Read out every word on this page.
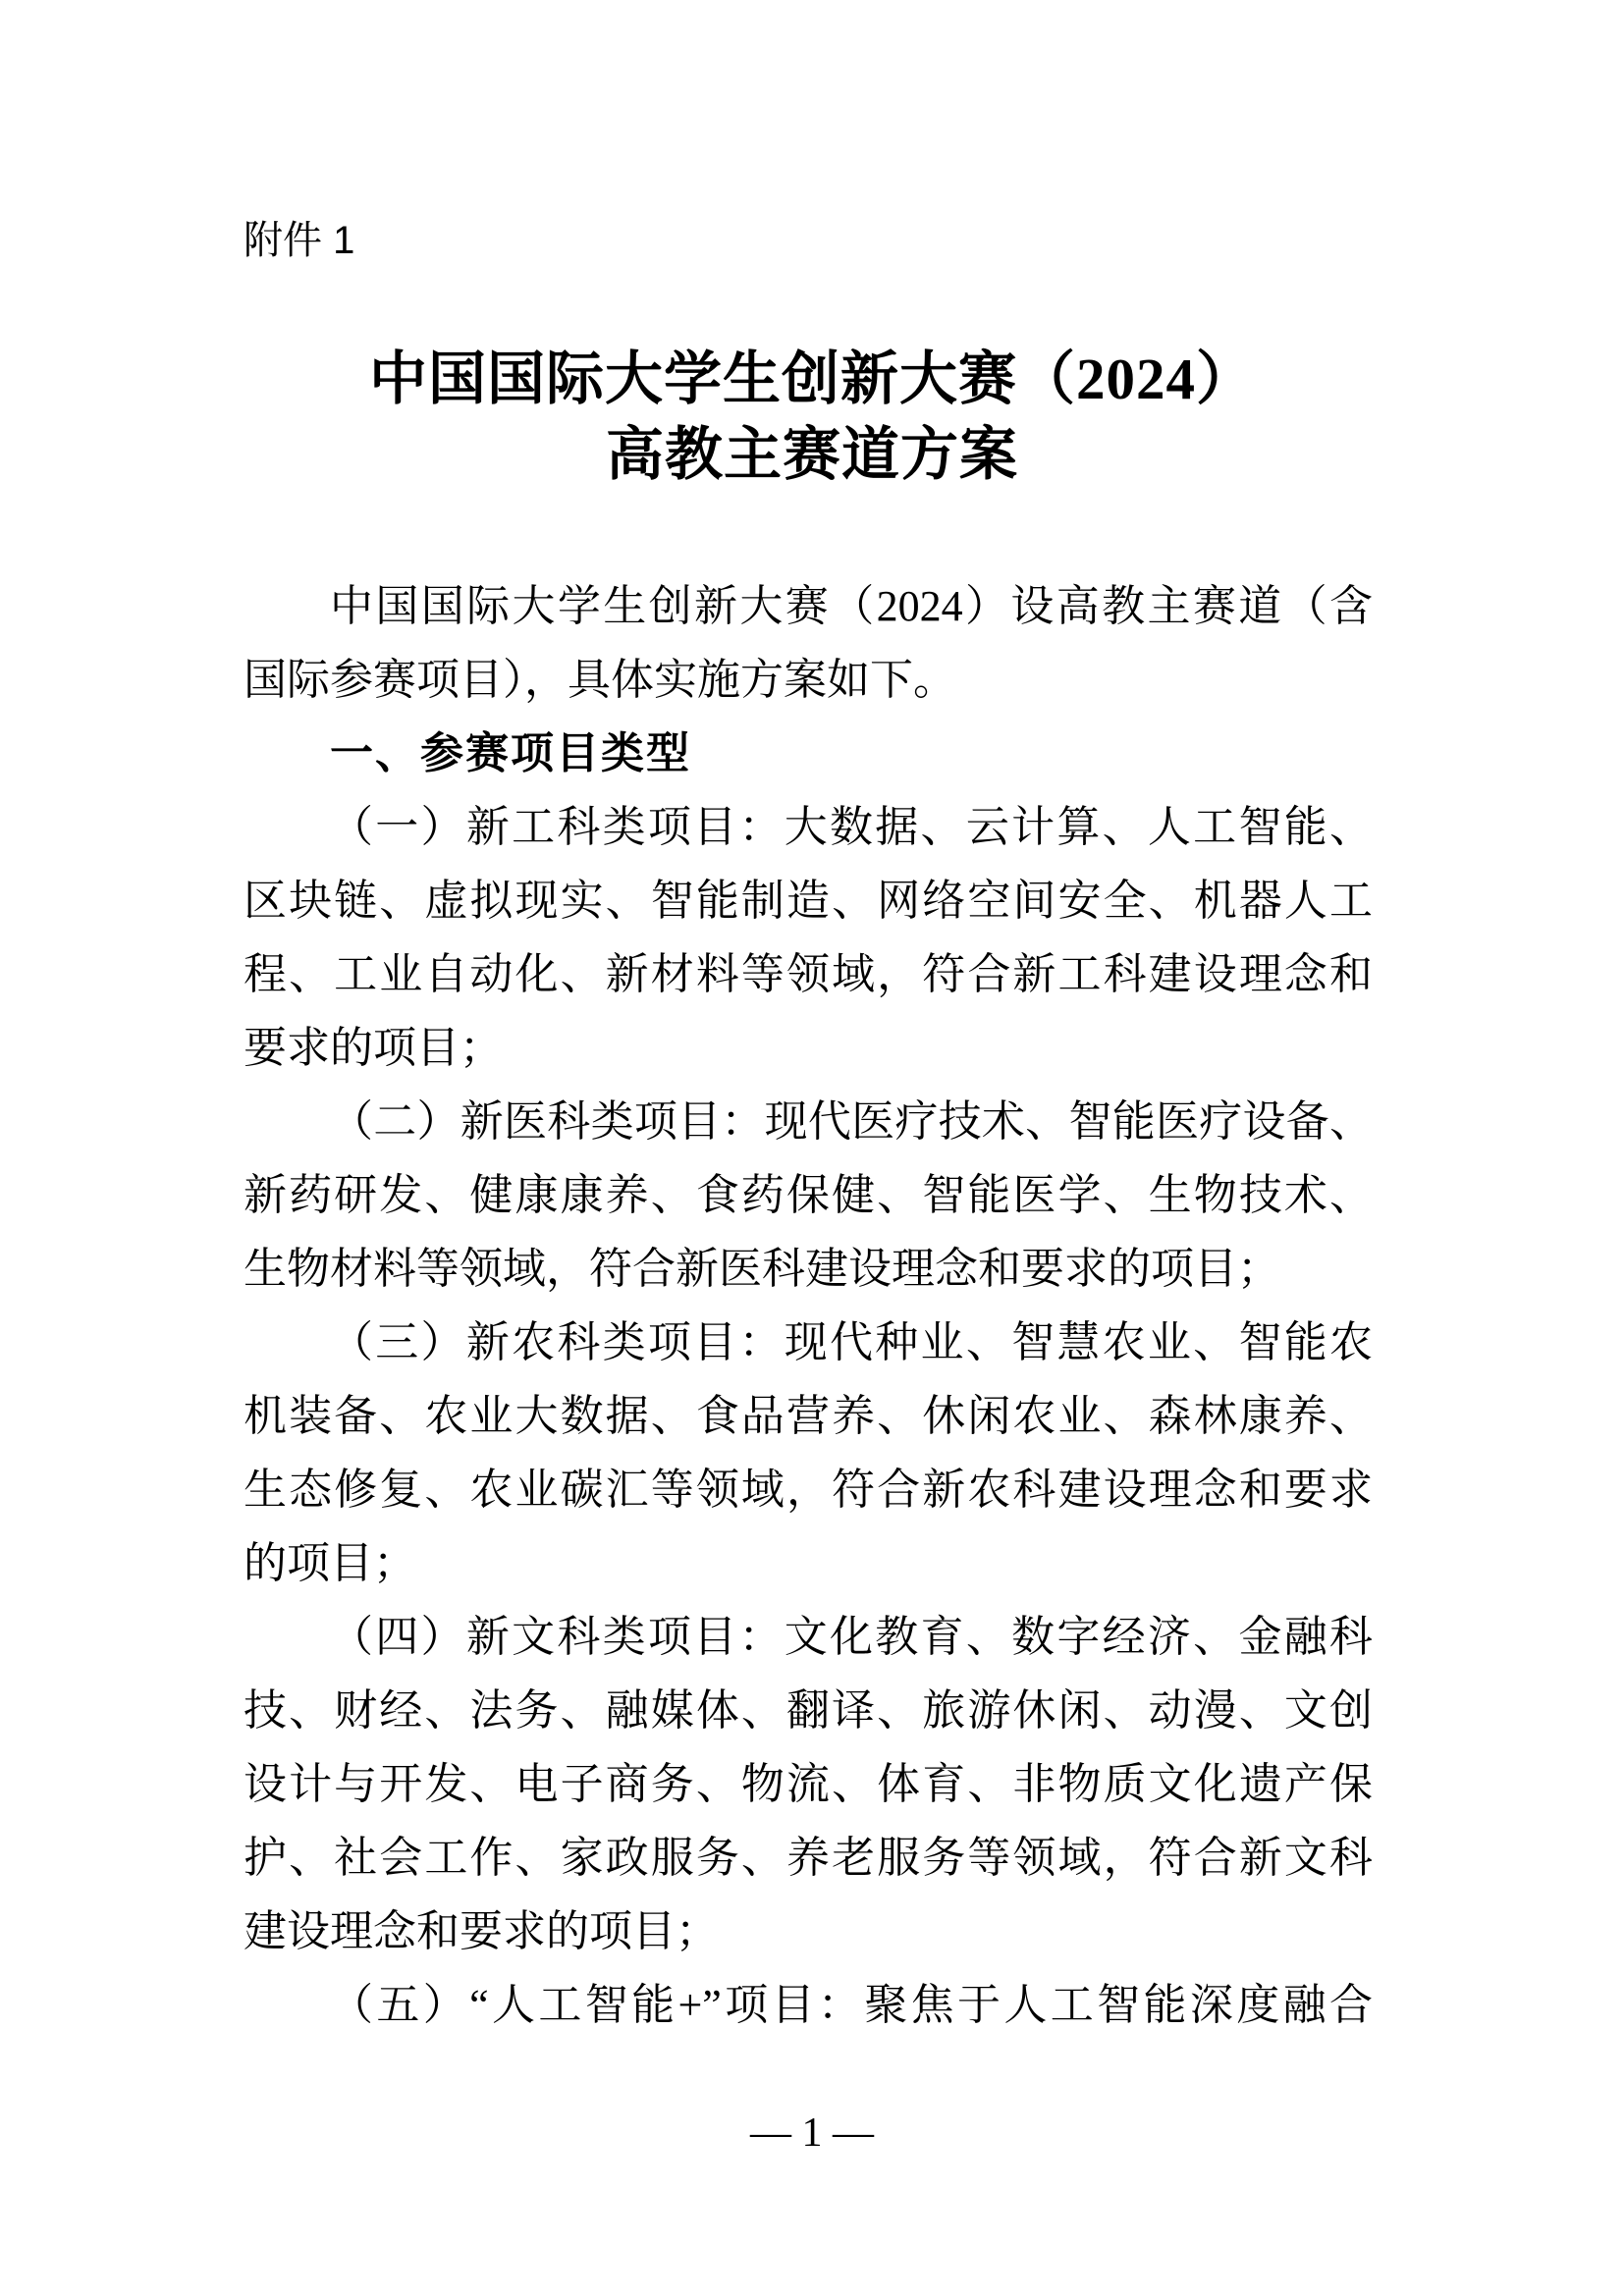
附件 1
中国国际大学生创新大赛（2024）
高教主赛道方案
中国国际大学生创新大赛（2024）设高教主赛道（含
国际参赛项目），具体实施方案如下。
一、参赛项目类型
（一）新工科类项目：大数据、云计算、人工智能、
区块链、虚拟现实、智能制造、网络空间安全、机器人工
程、工业自动化、新材料等领域，符合新工科建设理念和
要求的项目；
（二）新医科类项目：现代医疗技术、智能医疗设备、
新药研发、健康康养、食药保健、智能医学、生物技术、
生物材料等领域，符合新医科建设理念和要求的项目；
（三）新农科类项目：现代种业、智慧农业、智能农
机装备、农业大数据、食品营养、休闲农业、森林康养、
生态修复、农业碳汇等领域，符合新农科建设理念和要求
的项目；
（四）新文科类项目：文化教育、数字经济、金融科
技、财经、法务、融媒体、翻译、旅游休闲、动漫、文创
设计与开发、电子商务、物流、体育、非物质文化遗产保
护、社会工作、家政服务、养老服务等领域，符合新文科
建设理念和要求的项目；
（五）“人工智能+”项目：聚焦于人工智能深度融合
— 1 —
